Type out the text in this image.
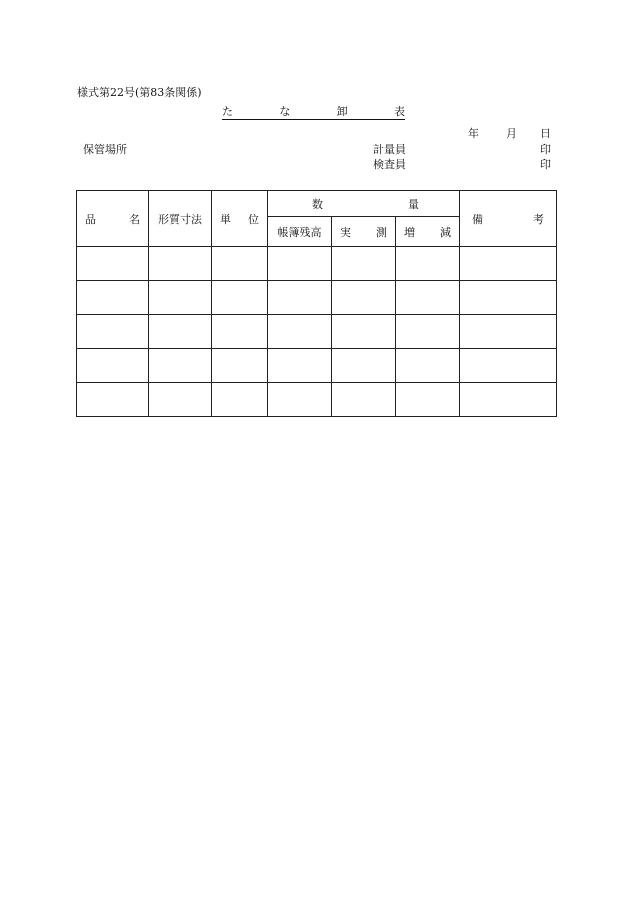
様式第22号(第83条関係)
た	な	卸	表
年 月 日
保管場所	計量員	印
検査員	印
品 名	形質寸法	単 位	数 量			備 考

			帳簿残高	実 測	増 減	
